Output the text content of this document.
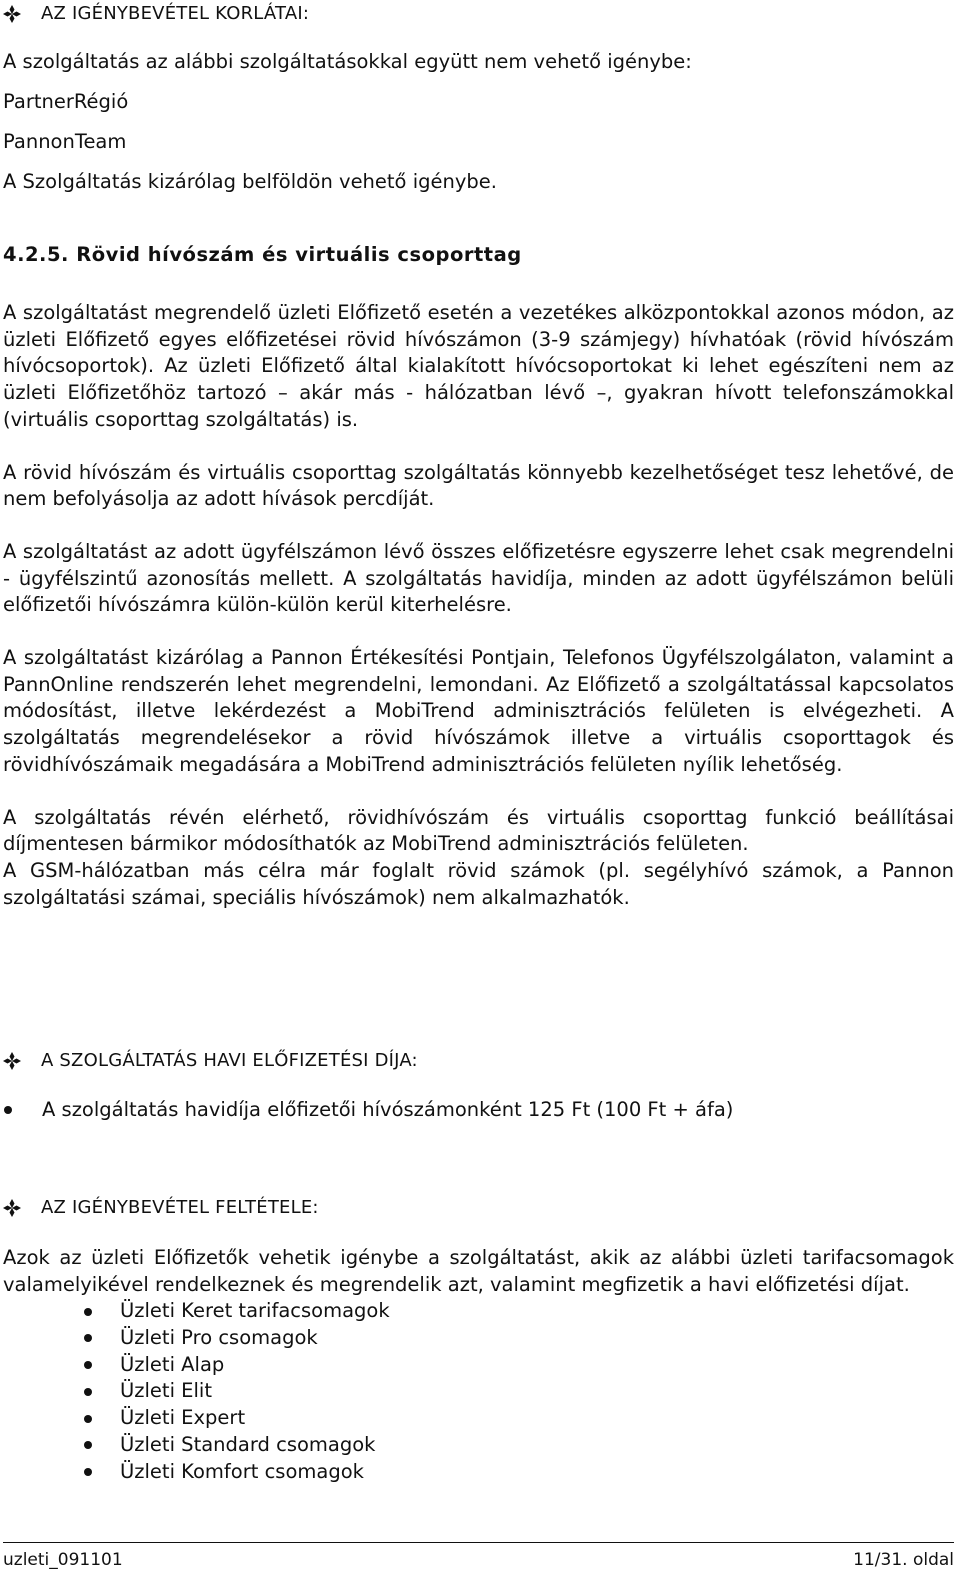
AZ IGÉNYBEVÉTEL KORLÁTAI:

A szolgáltatás az alábbi szolgáltatásokkal együtt nem vehető igénybe:

PartnerRégió

PannonTeam

A Szolgáltatás kizárólag belföldön vehető igénybe.

4.2.5. Rövid hívószám és virtuális csoporttag

A szolgáltatást megrendelő üzleti Előfizető esetén a vezetékes alközpontokkal azonos módon, az üzleti Előfizető egyes előfizetései rövid hívószámon (3-9 számjegy) hívhatóak (rövid hívószám hívócsoportok). Az üzleti Előfizető által kialakított hívócsoportokat ki lehet egészíteni nem az üzleti Előfizetőhöz tartozó – akár más - hálózatban lévő –, gyakran hívott telefonszámokkal (virtuális csoporttag szolgáltatás) is.

A rövid hívószám és virtuális csoporttag szolgáltatás könnyebb kezelhetőséget tesz lehetővé, de nem befolyásolja az adott hívások percdíját.

A szolgáltatást az adott ügyfélszámon lévő összes előfizetésre egyszerre lehet csak megrendelni - ügyfélszintű azonosítás mellett. A szolgáltatás havidíja, minden az adott ügyfélszámon belüli előfizetői hívószámra külön-külön kerül kiterhelésre.

A szolgáltatást kizárólag a Pannon Értékesítési Pontjain, Telefonos Ügyfélszolgálaton, valamint a PannOnline rendszerén lehet megrendelni, lemondani. Az Előfizető a szolgáltatással kapcsolatos módosítást, illetve lekérdezést a MobiTrend adminisztrációs felületen is elvégezheti. A szolgáltatás megrendelésekor a rövid hívószámok illetve a virtuális csoporttagok és rövidhívószámaik megadására a MobiTrend adminisztrációs felületen nyílik lehetőség.

A szolgáltatás révén elérhető, rövidhívószám és virtuális csoporttag funkció beállításai díjmentesen bármikor módosíthatók az MobiTrend adminisztrációs felületen.

A GSM-hálózatban más célra már foglalt rövid számok (pl. segélyhívó számok, a Pannon szolgáltatási számai, speciális hívószámok) nem alkalmazhatók.

A SZOLGÁLTATÁS HAVI ELŐFIZETÉSI DÍJA:
A szolgáltatás havidíja előfizetői hívószámonként 125 Ft (100 Ft + áfa)
AZ IGÉNYBEVÉTEL FELTÉTELE:

Azok az üzleti Előfizetők vehetik igénybe a szolgáltatást, akik az alábbi üzleti tarifacsomagok valamelyikével rendelkeznek és megrendelik azt, valamint megfizetik a havi előfizetési díjat.

Üzleti Keret tarifacsomagok
Üzleti Pro csomagok
Üzleti Alap
Üzleti Elit
Üzleti Expert
Üzleti Standard csomagok
Üzleti Komfort csomagok
uzleti_091101	11/31. oldal
